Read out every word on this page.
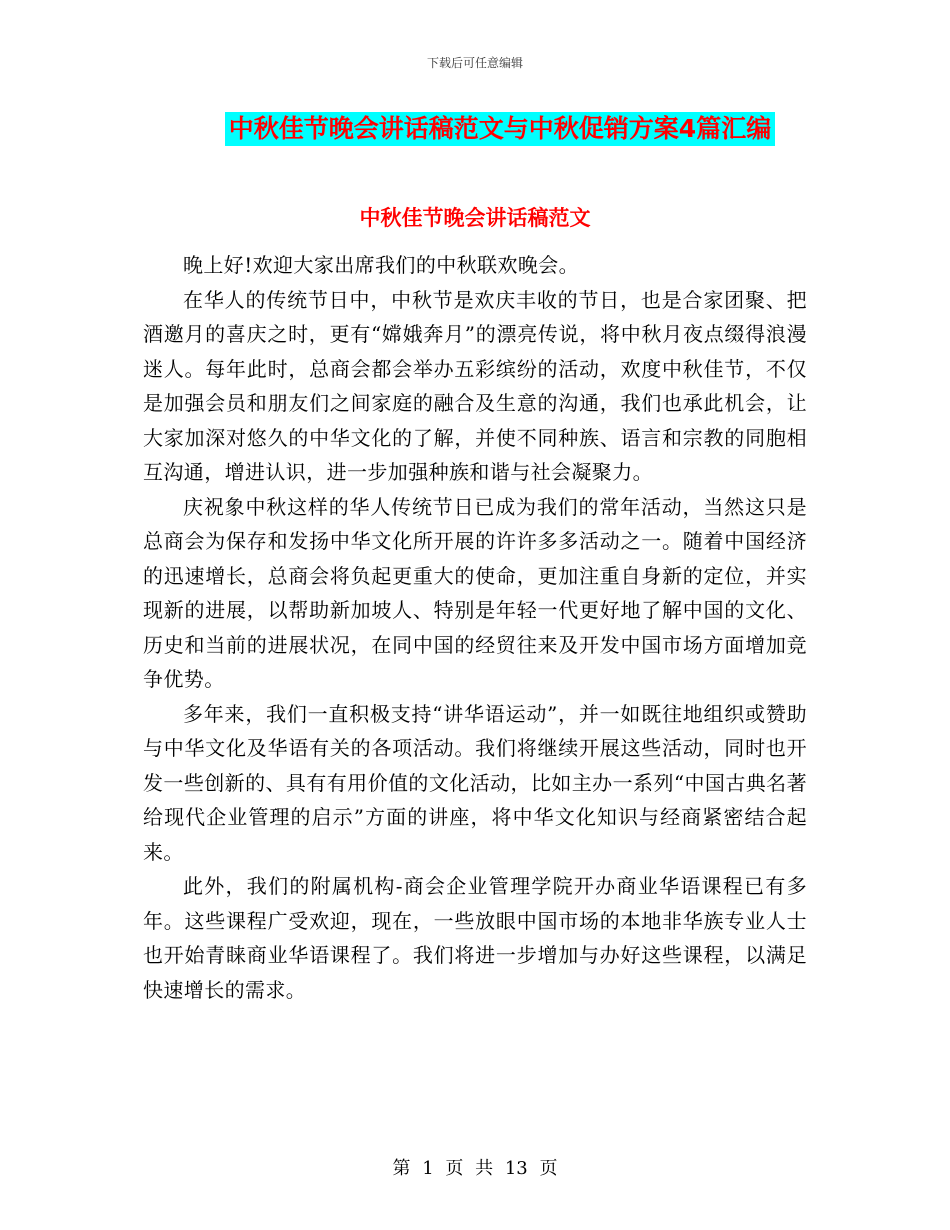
下载后可任意编辑
中秋佳节晚会讲话稿范文与中秋促销方案4篇汇编
中秋佳节晚会讲话稿范文

晚上好!欢迎大家出席我们的中秋联欢晚会。

在华人的传统节日中，中秋节是欢庆丰收的节日，也是合家团聚、把酒邀月的喜庆之时，更有“嫦娥奔月”的漂亮传说，将中秋月夜点缀得浪漫迷人。每年此时，总商会都会举办五彩缤纷的活动，欢度中秋佳节，不仅是加强会员和朋友们之间家庭的融合及生意的沟通，我们也承此机会，让大家加深对悠久的中华文化的了解，并使不同种族、语言和宗教的同胞相互沟通，增进认识，进一步加强种族和谐与社会凝聚力。

庆祝象中秋这样的华人传统节日已成为我们的常年活动，当然这只是总商会为保存和发扬中华文化所开展的许许多多活动之一。随着中国经济的迅速增长，总商会将负起更重大的使命，更加注重自身新的定位，并实现新的进展，以帮助新加坡人、特别是年轻一代更好地了解中国的文化、历史和当前的进展状况，在同中国的经贸往来及开发中国市场方面增加竞争优势。

多年来，我们一直积极支持“讲华语运动”，并一如既往地组织或赞助与中华文化及华语有关的各项活动。我们将继续开展这些活动，同时也开发一些创新的、具有有用价值的文化活动，比如主办一系列“中国古典名著给现代企业管理的启示”方面的讲座，将中华文化知识与经商紧密结合起来。

此外，我们的附属机构-商会企业管理学院开办商业华语课程已有多年。这些课程广受欢迎，现在，一些放眼中国市场的本地非华族专业人士也开始青睐商业华语课程了。我们将进一步增加与办好这些课程，以满足快速增长的需求。

第 1 页 共 13 页
